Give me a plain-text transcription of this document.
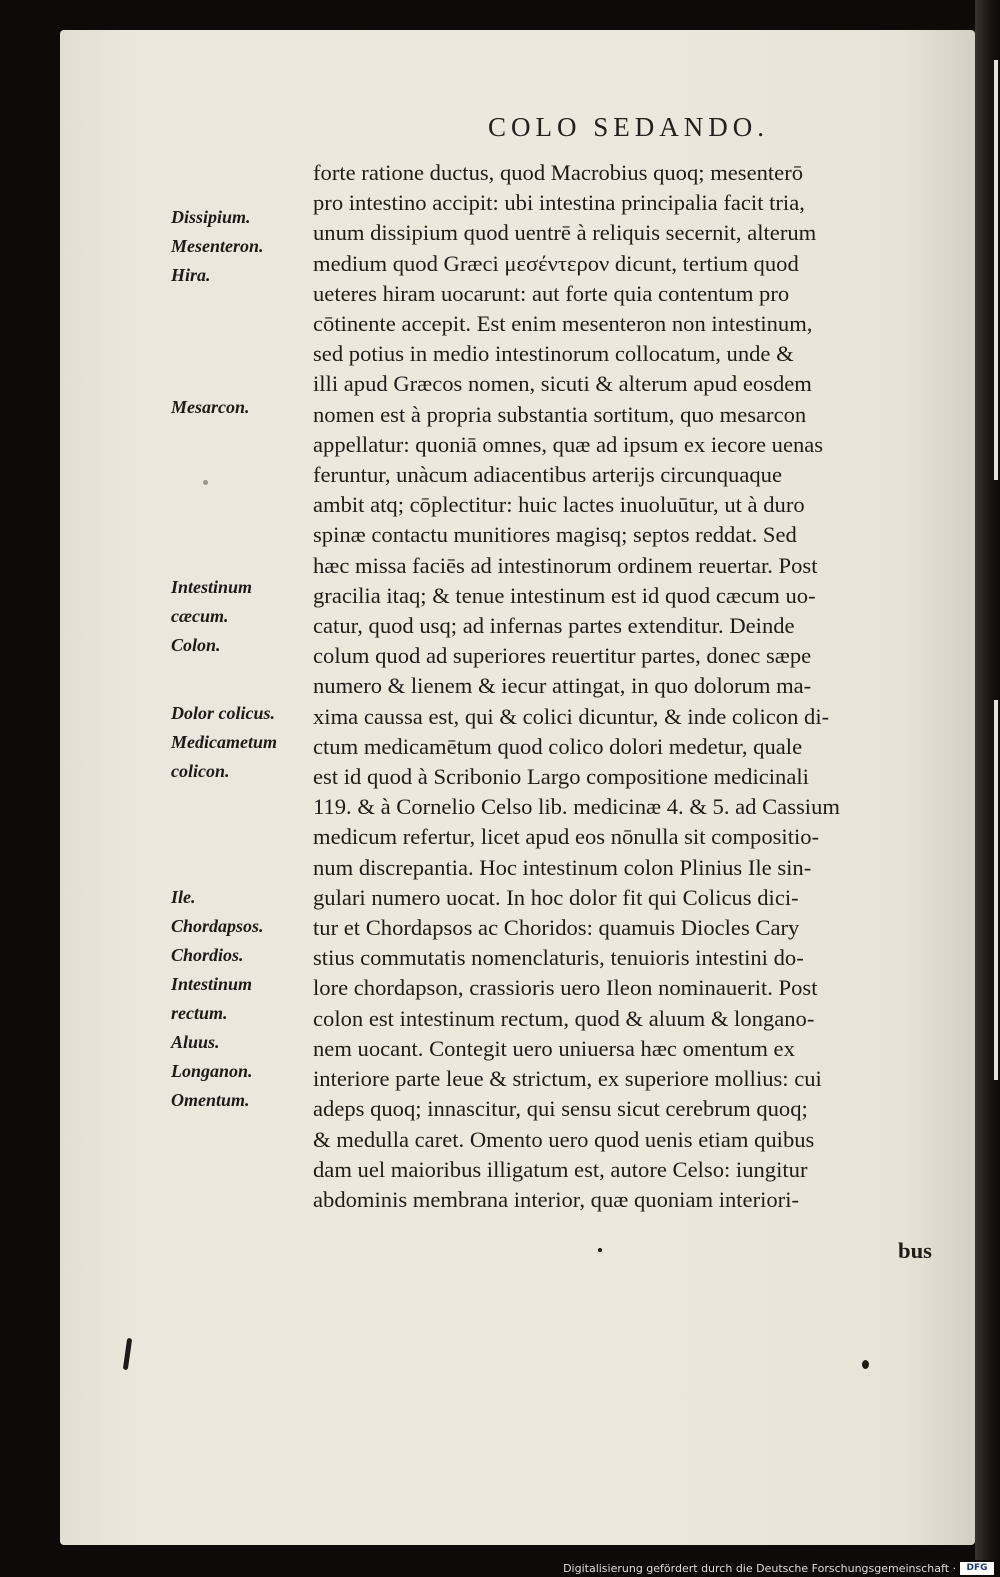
COLO SEDANDO.

forte ratione ductus, quod Macrobius quoq; mesenterō
pro intestino accipit: ubi intestina principalia facit tria,
unum dissipium quod uentrē à reliquis secernit, alterum
medium quod Græci μεσέντερον dicunt, tertium quod
ueteres hiram uocarunt: aut forte quia contentum pro
cōtinente accepit. Est enim mesenteron non intestinum,
sed potius in medio intestinorum collocatum, unde &
illi apud Græcos nomen, sicuti & alterum apud eosdem
nomen est à propria substantia sortitum, quo mesarcon
appellatur: quoniā omnes, quæ ad ipsum ex iecore uenas
feruntur, unàcum adiacentibus arterijs circunquaque
ambit atq; cōplectitur: huic lactes inuoluūtur, ut à duro
spinæ contactu munitiores magisq; septos reddat. Sed
hæc missa faciēs ad intestinorum ordinem reuertar. Post
gracilia itaq; & tenue intestinum est id quod cæcum uo-
catur, quod usq; ad infernas partes extenditur. Deinde
colum quod ad superiores reuertitur partes, donec sæpe
numero & lienem & iecur attingat, in quo dolorum ma-
xima caussa est, qui & colici dicuntur, & inde colicon di-
ctum medicamētum quod colico dolori medetur, quale
est id quod à Scribonio Largo compositione medicinali
119. & à Cornelio Celso lib. medicinæ 4. & 5. ad Cassium
medicum refertur, licet apud eos nōnulla sit compositio-
num discrepantia. Hoc intestinum colon Plinius Ile sin-
gulari numero uocat. In hoc dolor fit qui Colicus dici-
tur et Chordapsos ac Choridos: quamuis Diocles Cary
stius commutatis nomenclaturis, tenuioris intestini do-
lore chordapson, crassioris uero Ileon nominauerit. Post
colon est intestinum rectum, quod & aluum & longano-
nem uocant. Contegit uero uniuersa hæc omentum ex
interiore parte leue & strictum, ex superiore mollius: cui
adeps quoq; innascitur, qui sensu sicut cerebrum quoq;
& medulla caret. Omento uero quod uenis etiam quibus
dam uel maioribus illigatum est, autore Celso: iungitur
abdominis membrana interior, quæ quoniam interiori-
Dissipium.
Mesenteron.
Hira.
Mesarcon.
Intestinum
cæcum.
Colon.
Dolor colicus.
Medicametum
colicon.
Ile.
Chordapsos.
Chordios.
Intestinum
rectum.
Aluus.
Longanon.
Omentum.

bus

Digitalisierung gefördert durch die Deutsche Forschungsgemeinschaft ·	DFG
